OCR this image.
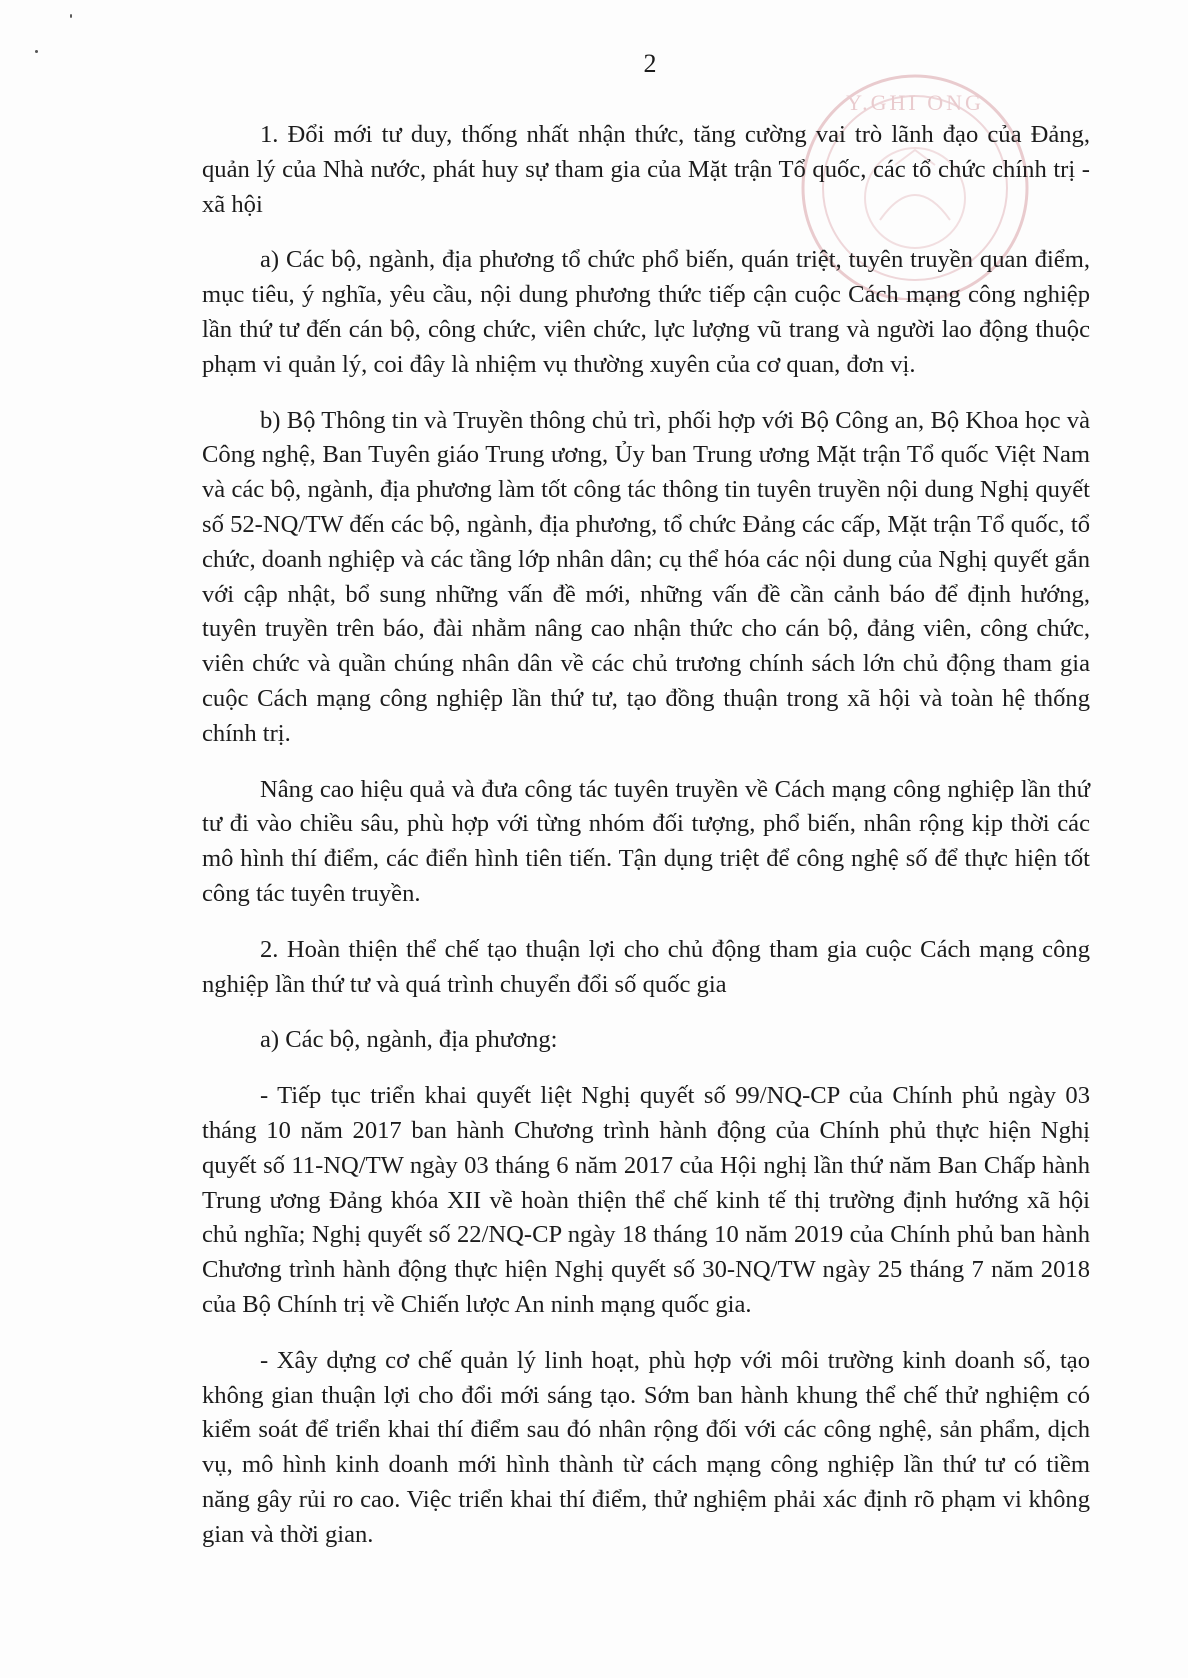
Y.GHI ONG
2

1. Đổi mới tư duy, thống nhất nhận thức, tăng cường vai trò lãnh đạo của Đảng, quản lý của Nhà nước, phát huy sự tham gia của Mặt trận Tổ quốc, các tổ chức chính trị - xã hội

a) Các bộ, ngành, địa phương tổ chức phổ biến, quán triệt, tuyên truyền quan điểm, mục tiêu, ý nghĩa, yêu cầu, nội dung phương thức tiếp cận cuộc Cách mạng công nghiệp lần thứ tư đến cán bộ, công chức, viên chức, lực lượng vũ trang và người lao động thuộc phạm vi quản lý, coi đây là nhiệm vụ thường xuyên của cơ quan, đơn vị.

b) Bộ Thông tin và Truyền thông chủ trì, phối hợp với Bộ Công an, Bộ Khoa học và Công nghệ, Ban Tuyên giáo Trung ương, Ủy ban Trung ương Mặt trận Tổ quốc Việt Nam và các bộ, ngành, địa phương làm tốt công tác thông tin tuyên truyền nội dung Nghị quyết số 52-NQ/TW đến các bộ, ngành, địa phương, tổ chức Đảng các cấp, Mặt trận Tổ quốc, tổ chức, doanh nghiệp và các tầng lớp nhân dân; cụ thể hóa các nội dung của Nghị quyết gắn với cập nhật, bổ sung những vấn đề mới, những vấn đề cần cảnh báo để định hướng, tuyên truyền trên báo, đài nhằm nâng cao nhận thức cho cán bộ, đảng viên, công chức, viên chức và quần chúng nhân dân về các chủ trương chính sách lớn chủ động tham gia cuộc Cách mạng công nghiệp lần thứ tư, tạo đồng thuận trong xã hội và toàn hệ thống chính trị.

Nâng cao hiệu quả và đưa công tác tuyên truyền về Cách mạng công nghiệp lần thứ tư đi vào chiều sâu, phù hợp với từng nhóm đối tượng, phổ biến, nhân rộng kịp thời các mô hình thí điểm, các điển hình tiên tiến. Tận dụng triệt để công nghệ số để thực hiện tốt công tác tuyên truyền.

2. Hoàn thiện thể chế tạo thuận lợi cho chủ động tham gia cuộc Cách mạng công nghiệp lần thứ tư và quá trình chuyển đổi số quốc gia

a) Các bộ, ngành, địa phương:

- Tiếp tục triển khai quyết liệt Nghị quyết số 99/NQ-CP của Chính phủ ngày 03 tháng 10 năm 2017 ban hành Chương trình hành động của Chính phủ thực hiện Nghị quyết số 11-NQ/TW ngày 03 tháng 6 năm 2017 của Hội nghị lần thứ năm Ban Chấp hành Trung ương Đảng khóa XII về hoàn thiện thể chế kinh tế thị trường định hướng xã hội chủ nghĩa; Nghị quyết số 22/NQ-CP ngày 18 tháng 10 năm 2019 của Chính phủ ban hành Chương trình hành động thực hiện Nghị quyết số 30-NQ/TW ngày 25 tháng 7 năm 2018 của Bộ Chính trị về Chiến lược An ninh mạng quốc gia.

- Xây dựng cơ chế quản lý linh hoạt, phù hợp với môi trường kinh doanh số, tạo không gian thuận lợi cho đổi mới sáng tạo. Sớm ban hành khung thể chế thử nghiệm có kiểm soát để triển khai thí điểm sau đó nhân rộng đối với các công nghệ, sản phẩm, dịch vụ, mô hình kinh doanh mới hình thành từ cách mạng công nghiệp lần thứ tư có tiềm năng gây rủi ro cao. Việc triển khai thí điểm, thử nghiệm phải xác định rõ phạm vi không gian và thời gian.
